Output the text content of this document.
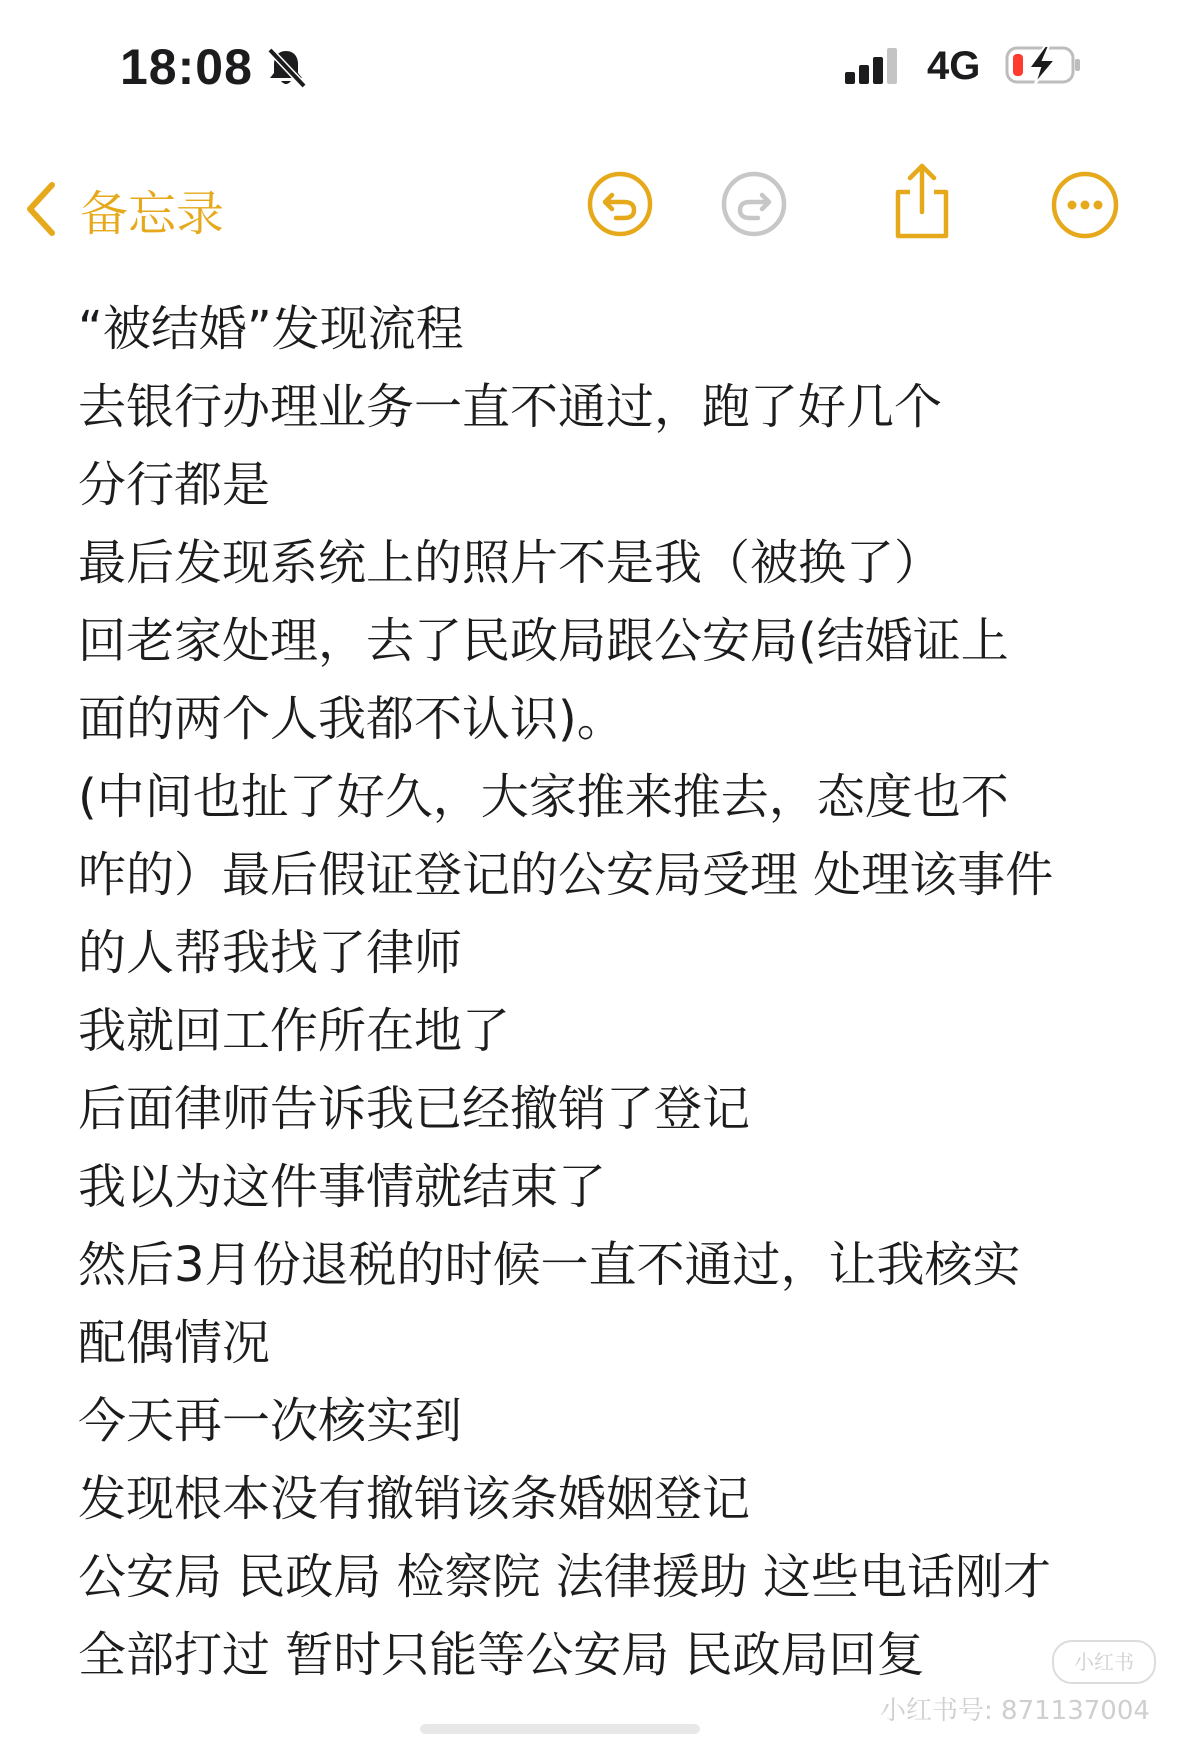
18:08	4G
备忘录
“被结婚”发现流程
去银行办理业务一直不通过，跑了好几个
分行都是
最后发现系统上的照片不是我（被换了）
回老家处理，去了民政局跟公安局(结婚证上
面的两个人我都不认识)。
(中间也扯了好久，大家推来推去，态度也不
咋的）最后假证登记的公安局受理 处理该事件
的人帮我找了律师
我就回工作所在地了
后面律师告诉我已经撤销了登记
我以为这件事情就结束了
然后3月份退税的时候一直不通过，让我核实
配偶情况
今天再一次核实到
发现根本没有撤销该条婚姻登记
公安局 民政局 检察院 法律援助 这些电话刚才
全部打过 暂时只能等公安局 民政局回复	小红书
小红书号: 871137004
